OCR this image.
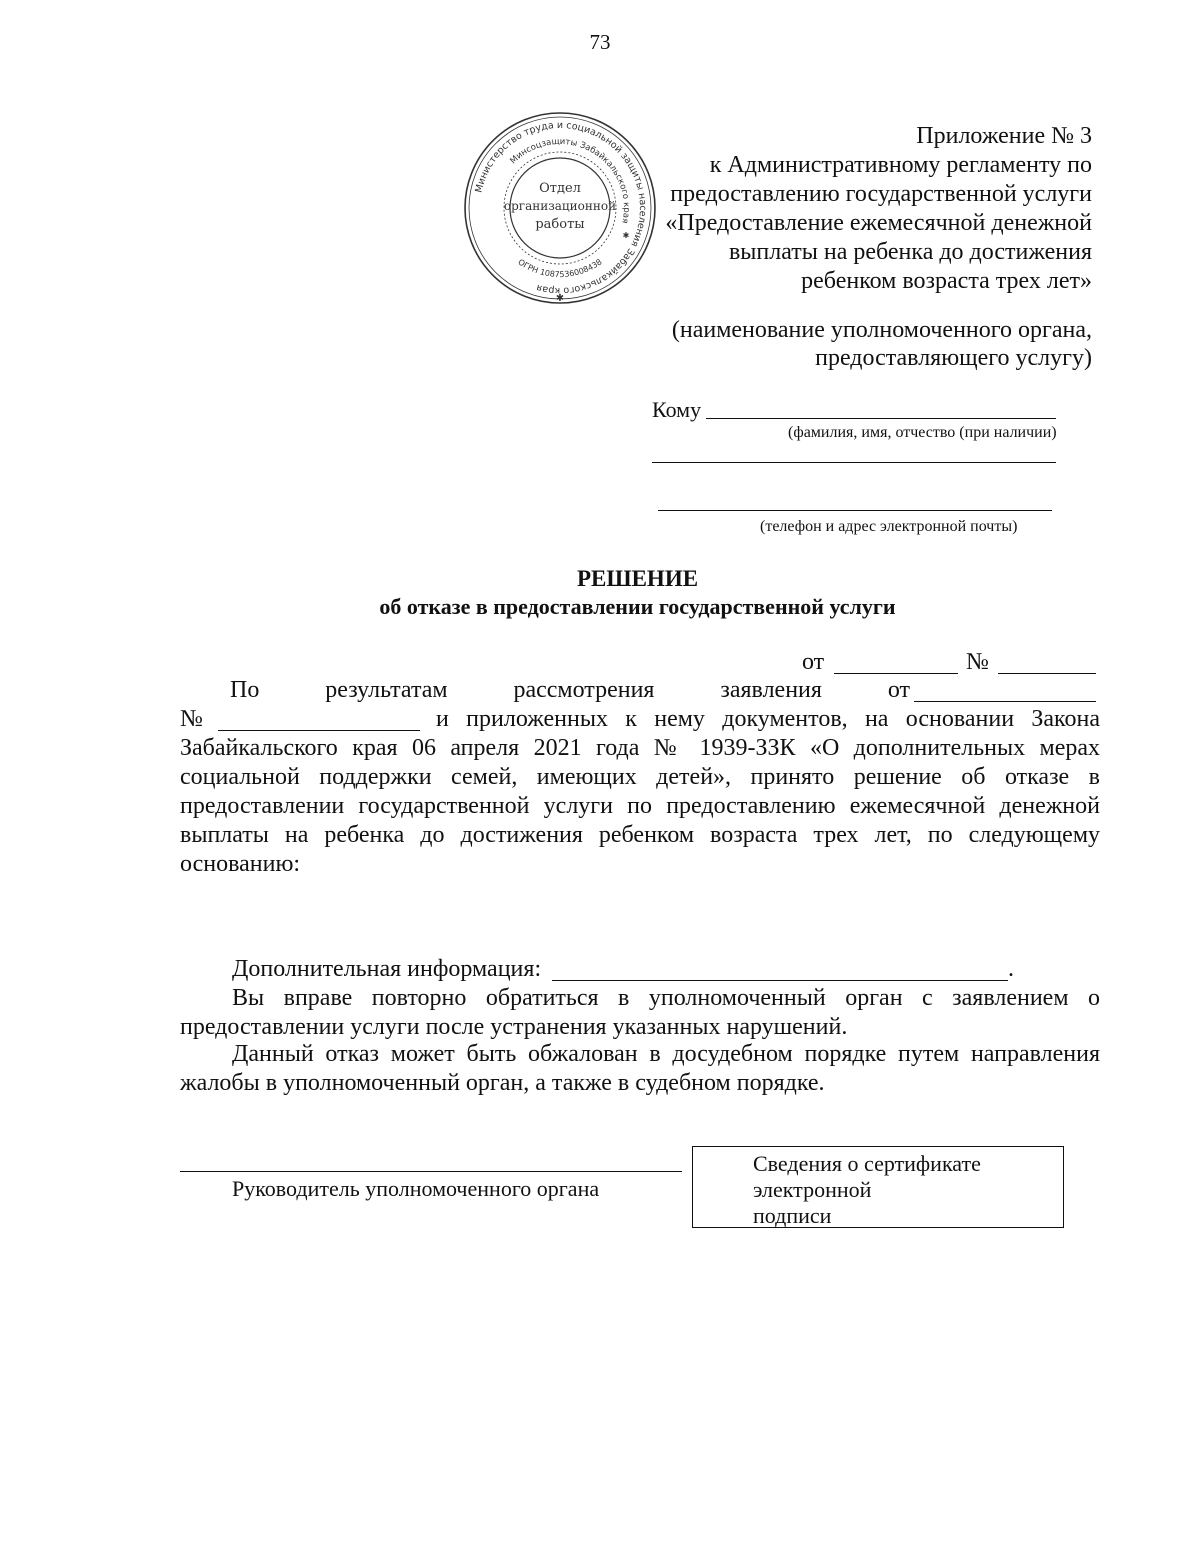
73
Министерство труда и социальной защиты населения Забайкальского края
Минсоцзащиты Забайкальского края
ОГРН 1087536008438
Отдел
организационной
работы
✱
✱
Приложение № 3
к Административному регламенту по
предоставлению государственной услуги
«Предоставление ежемесячной денежной
выплаты на ребенка до достижения
ребенком возраста трех лет»
(наименование уполномоченного органа,
предоставляющего услугу)
Кому
(фамилия, имя, отчество (при наличии)
(телефон и адрес электронной почты)
РЕШЕНИЕ
об отказе в предоставлении государственной услуги
от	№
По	результатам	рассмотрения	заявления	от
№	и приложенных к нему документов, на основании Закона
Забайкальского края 06 апреля 2021 года № 1939-ЗЗК «О дополнительных мерах социальной поддержки семей, имеющих детей», принято решение об отказе в предоставлении государственной услуги по предоставлению ежемесячной денежной выплаты на ребенка до достижения ребенком возраста трех лет, по следующему основанию:
Дополнительная информация:	.
Вы вправе повторно обратиться в уполномоченный орган с заявлением о предоставлении услуги после устранения указанных нарушений.
Данный отказ может быть обжалован в досудебном порядке путем направления жалобы в уполномоченный орган, а также в судебном порядке.
Руководитель уполномоченного органа
Сведения о сертификате
электронной
подписи
